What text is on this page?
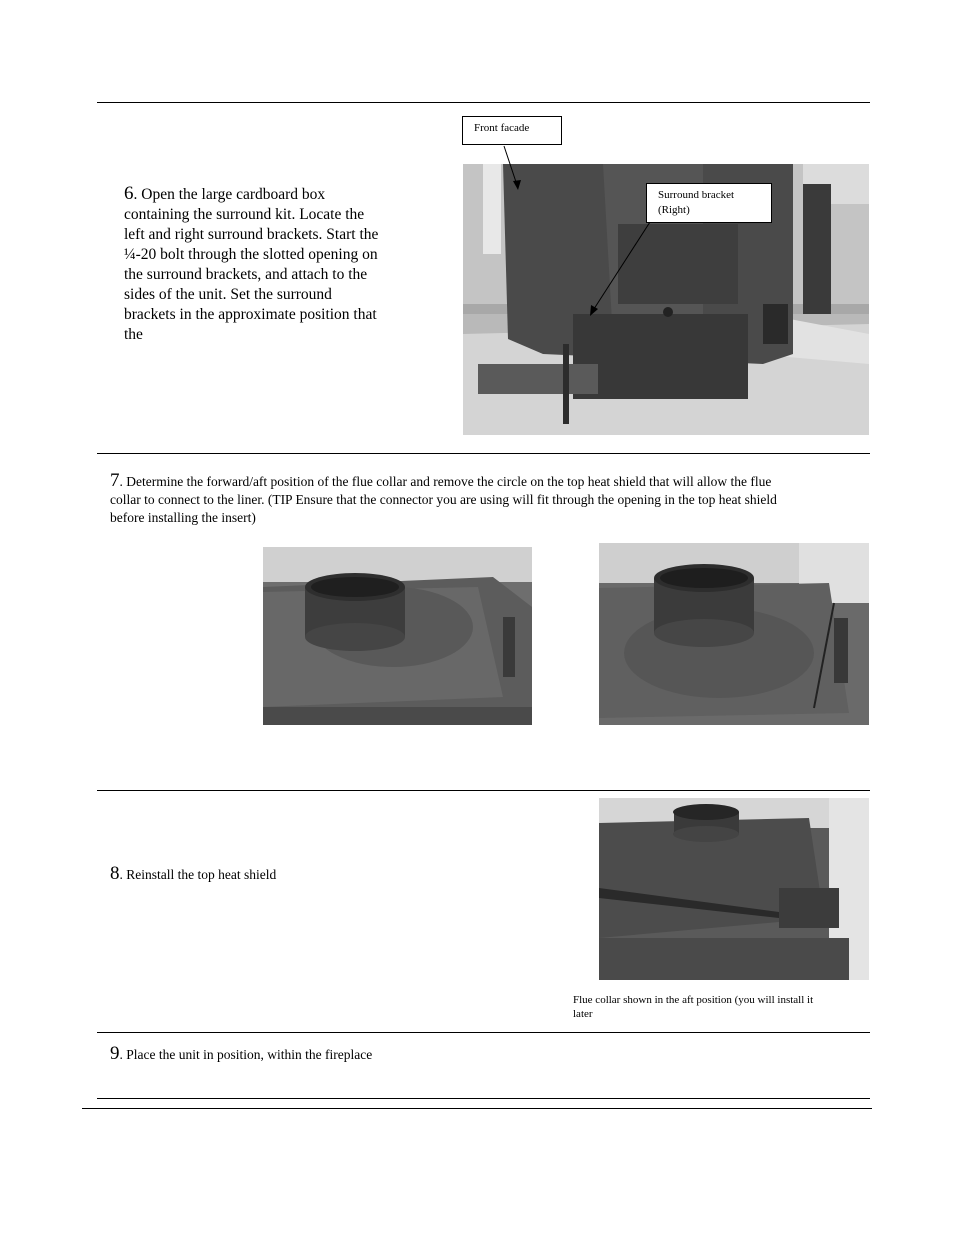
6. Open the large cardboard box containing the surround kit. Locate the left and right surround brackets. Start the ¼-20 bolt through the slotted opening on the surround brackets, and attach to the sides of the unit. Set the surround brackets in the approximate position that the
Front facade
Surround bracket (Right)
7. Determine the forward/aft position of the flue collar and remove the circle on the top heat shield that will allow the flue collar to connect to the liner. (TIP Ensure that the connector you are using will fit through the opening in the top heat shield before installing the insert)
8. Reinstall the top heat shield
Flue collar shown in the aft position (you will install it later
9. Place the unit in position, within the fireplace
